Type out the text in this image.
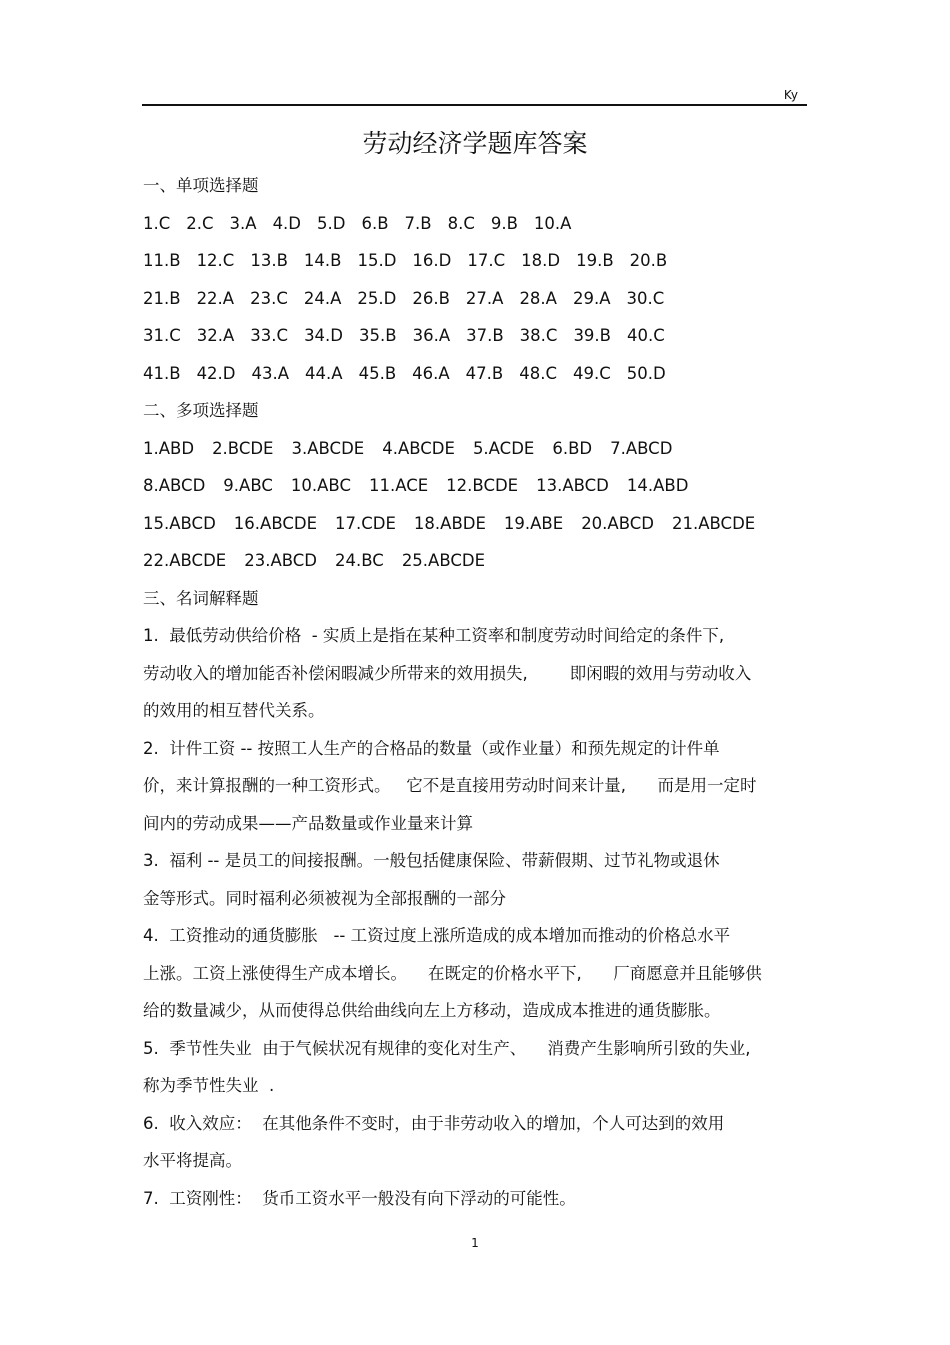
Ky
劳动经济学题库答案
一、单项选择题
1.C 2.C 3.A 4.D 5.D 6.B 7.B 8.C 9.B 10.A
11.B 12.C 13.B 14.B 15.D 16.D 17.C 18.D 19.B 20.B
21.B 22.A 23.C 24.A 25.D 26.B 27.A 28.A 29.A 30.C
31.C 32.A 33.C 34.D 35.B 36.A 37.B 38.C 39.B 40.C
41.B 42.D 43.A 44.A 45.B 46.A 47.B 48.C 49.C 50.D
二、多项选择题
1.ABD 2.BCDE 3.ABCDE 4.ABCDE 5.ACDE 6.BD 7.ABCD
8.ABCD 9.ABC 10.ABC 11.ACE 12.BCDE 13.ABCD 14.ABD
15.ABCD 16.ABCDE 17.CDE 18.ABDE 19.ABE 20.ABCD 21.ABCDE
22.ABCDE 23.ABCD 24.BC 25.ABCDE
三、名词解释题
1.  最低劳动供给价格  - 实质上是指在某种工资率和制度劳动时间给定的条件下,
劳动收入的增加能否补偿闲暇减少所带来的效用损失,        即闲暇的效用与劳动收入
的效用的相互替代关系。
2.  计件工资 -- 按照工人生产的合格品的数量（或作业量）和预先规定的计件单
价，来计算报酬的一种工资形式。   它不是直接用劳动时间来计量,      而是用一定时
间内的劳动成果——产品数量或作业量来计算
3.  福利 -- 是员工的间接报酬。一般包括健康保险、带薪假期、过节礼物或退休
金等形式。同时福利必须被视为全部报酬的一部分
4.  工资推动的通货膨胀   -- 工资过度上涨所造成的成本增加而推动的价格总水平
上涨。工资上涨使得生产成本增长。    在既定的价格水平下,      厂商愿意并且能够供
给的数量减少，从而使得总供给曲线向左上方移动，造成成本推进的通货膨胀。
5.  季节性失业  由于气候状况有规律的变化对生产、    消费产生影响所引致的失业,
称为季节性失业  .
6.  收入效应：  在其他条件不变时，由于非劳动收入的增加，个人可达到的效用
水平将提高。
7.  工资刚性：  货币工资水平一般没有向下浮动的可能性。
1
